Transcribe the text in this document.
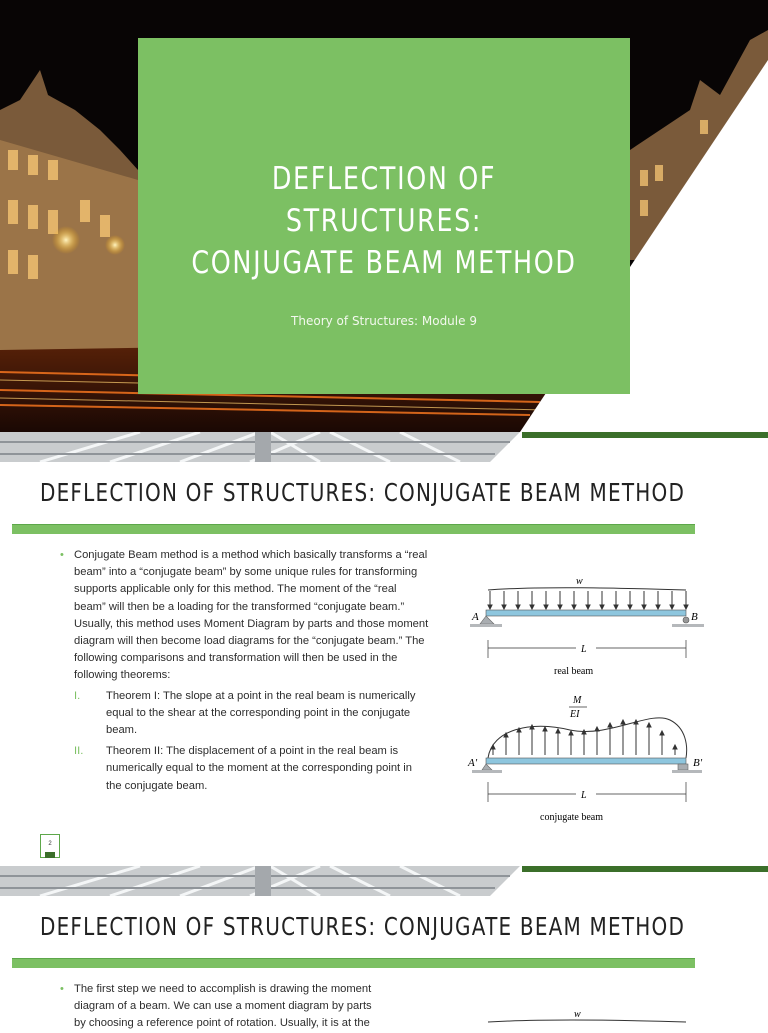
DEFLECTION OF STRUCTURES:
CONJUGATE BEAM METHOD
Theory of Structures: Module 9
DEFLECTION OF STRUCTURES: CONJUGATE BEAM METHOD
• Conjugate Beam method is a method which basically transforms a “real beam” into a “conjugate beam” by some unique rules for transforming supports applicable only for this method. The moment of the “real beam” will then be a loading for the transformed “conjugate beam.” Usually, this method uses Moment Diagram by parts and those moment diagram will then become load diagrams for the “conjugate beam.” The following comparisons and transformation will then be used in the following theorems:
I. Theorem I: The slope at a point in the real beam is numerically equal to the shear at the corresponding point in the conjugate beam.
II. Theorem II: The displacement of a point in the real beam is numerically equal to the moment at the corresponding point in the conjugate beam.
w
A	B
L
real beam
M
EI
A′	B′
L
conjugate beam
2
DEFLECTION OF STRUCTURES: CONJUGATE BEAM METHOD
• The first step we need to accomplish is drawing the moment
diagram of a beam. We can use a moment diagram by parts
by choosing a reference point of rotation. Usually, it is at the
w
